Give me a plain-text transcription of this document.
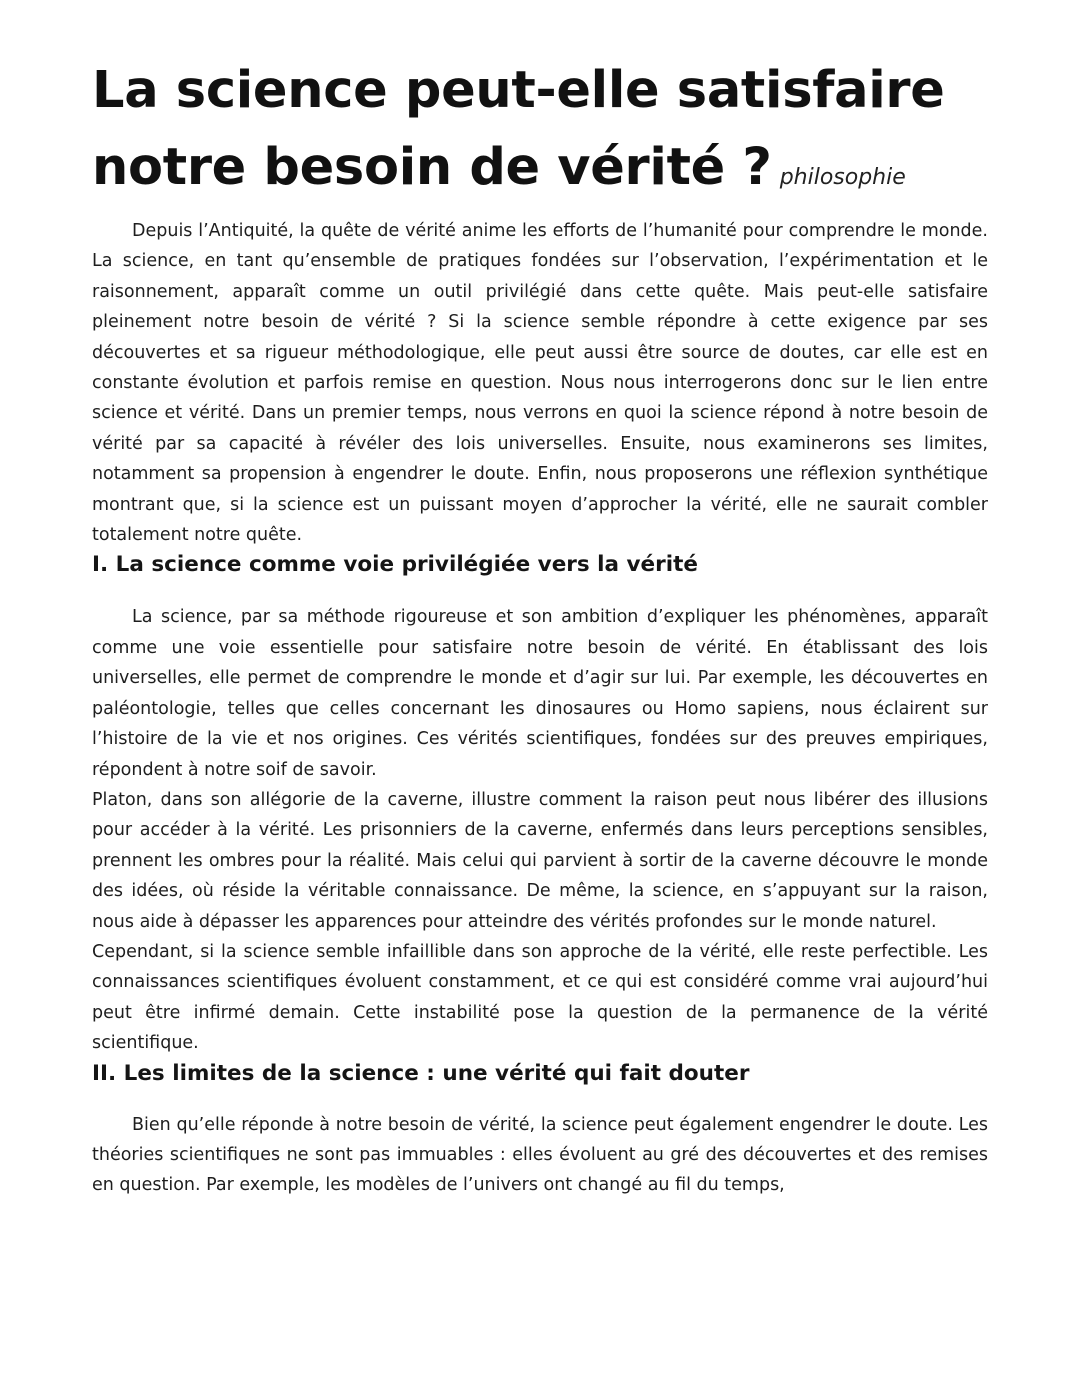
La science peut-elle satisfaire
notre besoin de vérité ? philosophie

Depuis l’Antiquité, la quête de vérité anime les efforts de l’humanité pour comprendre le monde. La science, en tant qu’ensemble de pratiques fondées sur l’observation, l’expérimentation et le raisonnement, apparaît comme un outil privilégié dans cette quête. Mais peut-elle satisfaire pleinement notre besoin de vérité ? Si la science semble répondre à cette exigence par ses découvertes et sa rigueur méthodologique, elle peut aussi être source de doutes, car elle est en constante évolution et parfois remise en question. Nous nous interrogerons donc sur le lien entre science et vérité. Dans un premier temps, nous verrons en quoi la science répond à notre besoin de vérité par sa capacité à révéler des lois universelles. Ensuite, nous examinerons ses limites, notamment sa propension à engendrer le doute. Enfin, nous proposerons une réflexion synthétique montrant que, si la science est un puissant moyen d’approcher la vérité, elle ne saurait combler totalement notre quête.

I. La science comme voie privilégiée vers la vérité

La science, par sa méthode rigoureuse et son ambition d’expliquer les phénomènes, apparaît comme une voie essentielle pour satisfaire notre besoin de vérité. En établissant des lois universelles, elle permet de comprendre le monde et d’agir sur lui. Par exemple, les découvertes en paléontologie, telles que celles concernant les dinosaures ou Homo sapiens, nous éclairent sur l’histoire de la vie et nos origines. Ces vérités scientifiques, fondées sur des preuves empiriques, répondent à notre soif de savoir.

Platon, dans son allégorie de la caverne, illustre comment la raison peut nous libérer des illusions pour accéder à la vérité. Les prisonniers de la caverne, enfermés dans leurs perceptions sensibles, prennent les ombres pour la réalité. Mais celui qui parvient à sortir de la caverne découvre le monde des idées, où réside la véritable connaissance. De même, la science, en s’appuyant sur la raison, nous aide à dépasser les apparences pour atteindre des vérités profondes sur le monde naturel.

Cependant, si la science semble infaillible dans son approche de la vérité, elle reste perfectible. Les connaissances scientifiques évoluent constamment, et ce qui est considéré comme vrai aujourd’hui peut être infirmé demain. Cette instabilité pose la question de la permanence de la vérité scientifique.

II. Les limites de la science : une vérité qui fait douter

Bien qu’elle réponde à notre besoin de vérité, la science peut également engendrer le doute. Les théories scientifiques ne sont pas immuables : elles évoluent au gré des découvertes et des remises en question. Par exemple, les modèles de l’univers ont changé au fil du temps,
